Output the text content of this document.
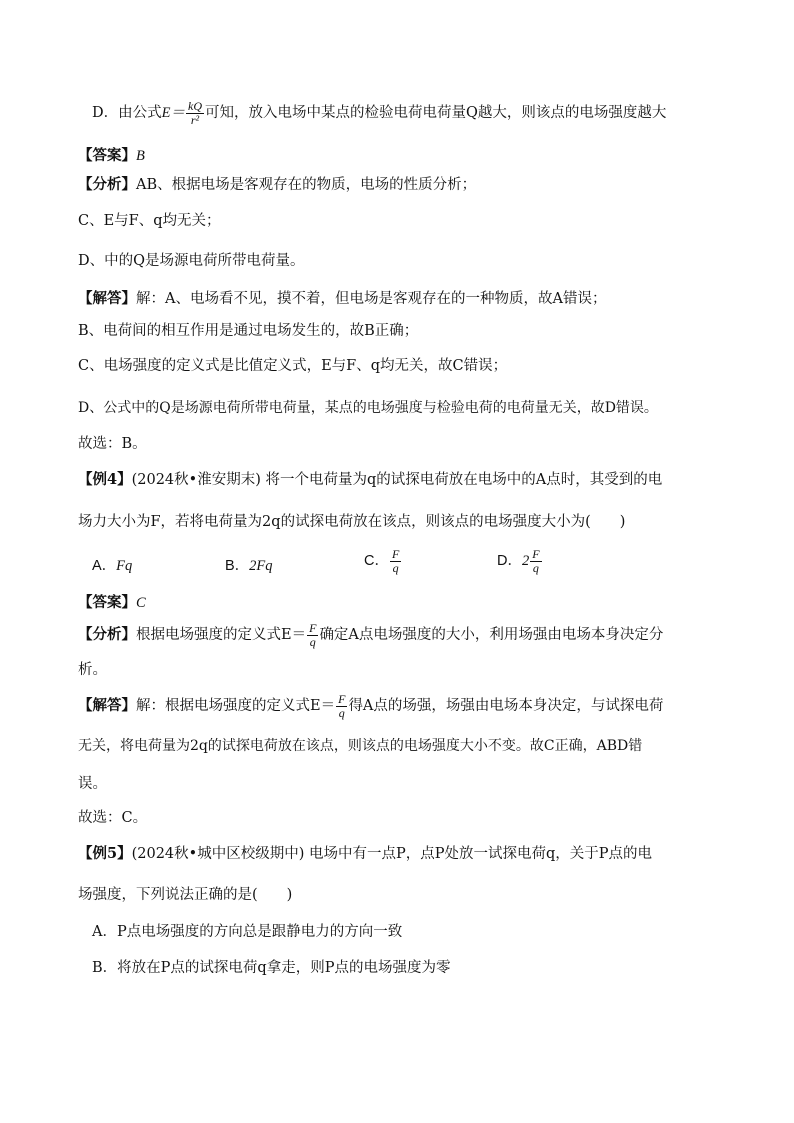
D．由公式$E= \frac{kQ}{\text{r²}}$ 可知，放入电场中某点的检验电荷电荷量Q越大，则该点的电场强度越大
【答案】B
【分析】AB、根据电场是客观存在的物质，电场的性质分析；
C、E与F、q均无关；
D、中的Q是场源电荷所带电荷量。
【解答】解：A、电场看不见，摸不着，但电场是客观存在的一种物质，故A错误；
B、电荷间的相互作用是通过电场发生的，故B正确；
C、电场强度的定义式是比值定义式，E与F、q均无关，故C错误；
D、公式中的Q是场源电荷所带电荷量，某点的电场强度与检验电荷的电荷量无关，故D错误。
故选：B。
【例4】(2024秋•淮安期末) 将一个电荷量为q的试探电荷放在电场中的A点时，其受到的电
场力大小为F，若将电荷量为2q的试探电荷放在该点，则该点的电场强度大小为(　　)
A．Fq	B．2Fq	C． $\frac{F}{q}$	D．$2 \frac{F}{q}$
【答案】C
【分析】根据电场强度的定义式$E= \frac{F}{q}$ 确定A点电场强度的大小，利用场强由电场本身决定分
析。
【解答】解：根据电场强度的定义式$E= \frac{F}{q}$ 得A点的场强，场强由电场本身决定，与试探电荷
无关，将电荷量为2q的试探电荷放在该点，则该点的电场强度大小不变。故C正确，ABD错
误。
故选：C。
【例5】(2024秋•城中区校级期中) 电场中有一点P，点P处放一试探电荷q，关于P点的电
场强度，下列说法正确的是(　　)
A．P点电场强度的方向总是跟静电力的方向一致
B．将放在P点的试探电荷q拿走，则P点的电场强度为零
